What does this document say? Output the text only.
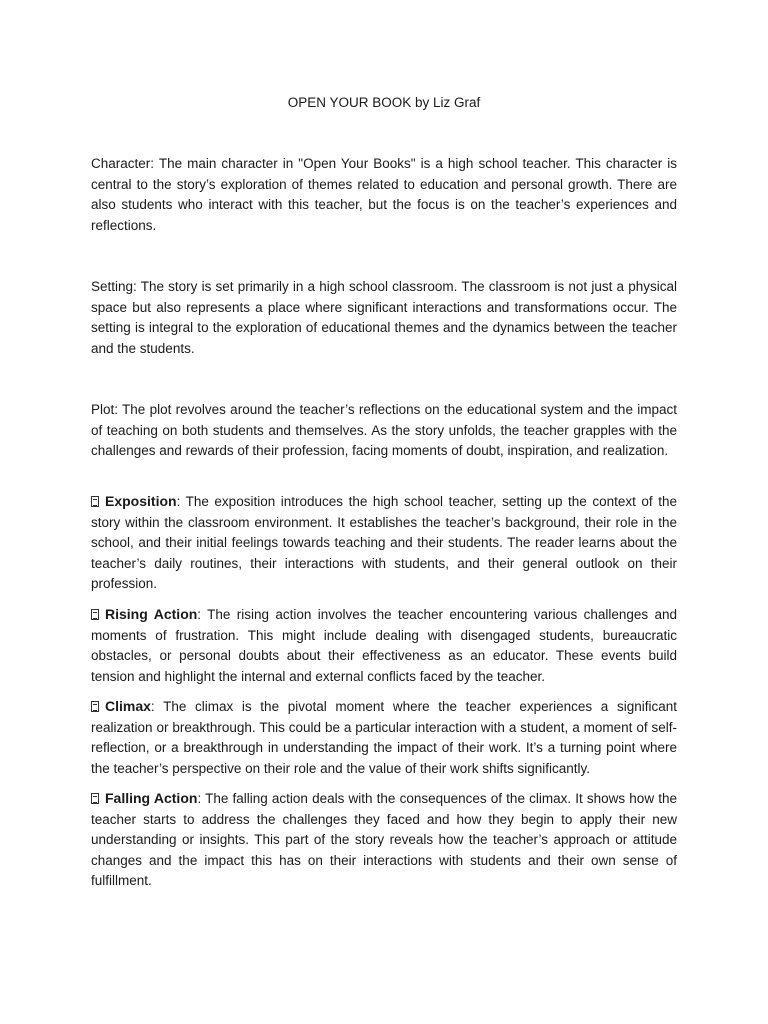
OPEN YOUR BOOK by Liz Graf

Character: The main character in "Open Your Books" is a high school teacher. This character is central to the story’s exploration of themes related to education and personal growth. There are also students who interact with this teacher, but the focus is on the teacher’s experiences and reflections.

Setting: The story is set primarily in a high school classroom. The classroom is not just a physical space but also represents a place where significant interactions and transformations occur. The setting is integral to the exploration of educational themes and the dynamics between the teacher and the students.

Plot: The plot revolves around the teacher’s reflections on the educational system and the impact of teaching on both students and themselves. As the story unfolds, the teacher grapples with the challenges and rewards of their profession, facing moments of doubt, inspiration, and realization.

Exposition: The exposition introduces the high school teacher, setting up the context of the story within the classroom environment. It establishes the teacher’s background, their role in the school, and their initial feelings towards teaching and their students. The reader learns about the teacher’s daily routines, their interactions with students, and their general outlook on their profession.

Rising Action: The rising action involves the teacher encountering various challenges and moments of frustration. This might include dealing with disengaged students, bureaucratic obstacles, or personal doubts about their effectiveness as an educator. These events build tension and highlight the internal and external conflicts faced by the teacher.

Climax: The climax is the pivotal moment where the teacher experiences a significant realization or breakthrough. This could be a particular interaction with a student, a moment of self-reflection, or a breakthrough in understanding the impact of their work. It’s a turning point where the teacher’s perspective on their role and the value of their work shifts significantly.

Falling Action: The falling action deals with the consequences of the climax. It shows how the teacher starts to address the challenges they faced and how they begin to apply their new understanding or insights. This part of the story reveals how the teacher’s approach or attitude changes and the impact this has on their interactions with students and their own sense of fulfillment.
